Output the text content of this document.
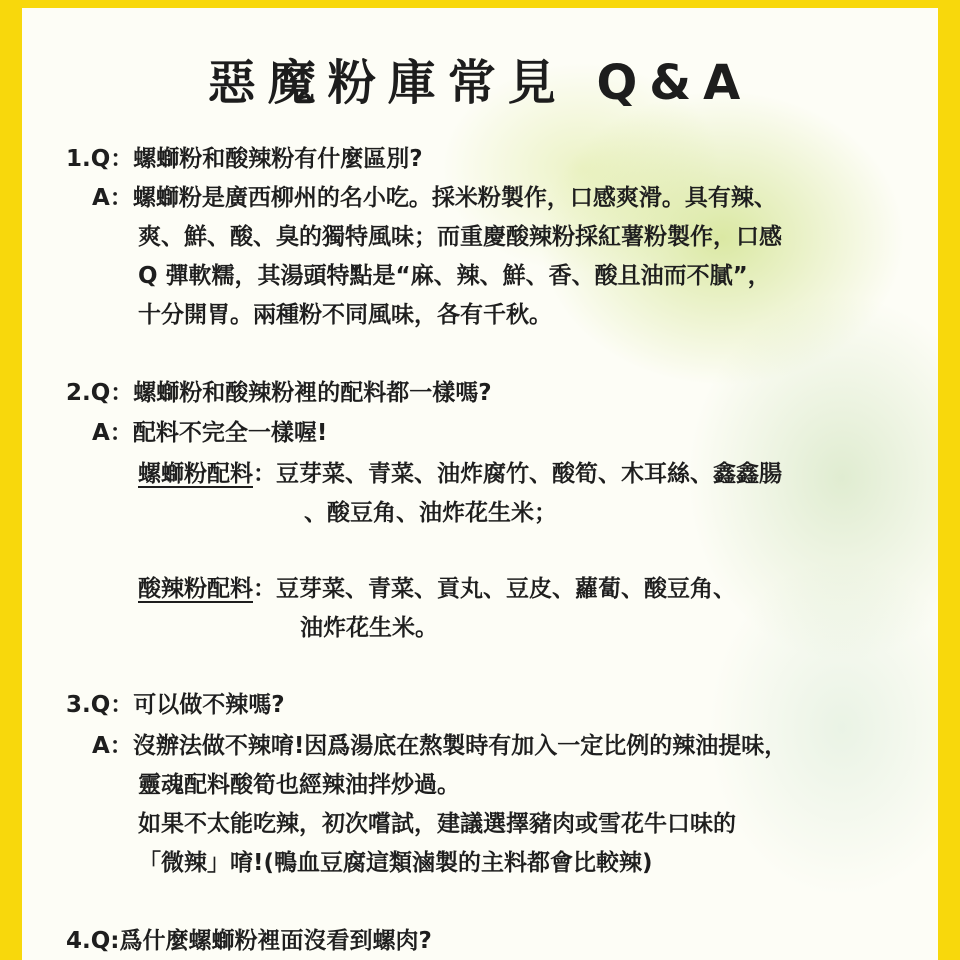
惡魔粉庫常見 Q&A
1.Q：螺螄粉和酸辣粉有什麼區別?
A：螺螄粉是廣西柳州的名小吃。採米粉製作，口感爽滑。具有辣、
爽、鮮、酸、臭的獨特風味；而重慶酸辣粉採紅薯粉製作，口感
Q 彈軟糯，其湯頭特點是“麻、辣、鮮、香、酸且油而不膩”，
十分開胃。兩種粉不同風味，各有千秋。
2.Q：螺螄粉和酸辣粉裡的配料都一樣嗎?
A：配料不完全一樣喔!
螺螄粉配料：豆芽菜、青菜、油炸腐竹、酸筍、木耳絲、鑫鑫腸
、酸豆角、油炸花生米；
酸辣粉配料：豆芽菜、青菜、貢丸、豆皮、蘿蔔、酸豆角、
油炸花生米。
3.Q：可以做不辣嗎?
A：沒辦法做不辣唷!因爲湯底在熬製時有加入一定比例的辣油提味，
靈魂配料酸筍也經辣油拌炒過。
如果不太能吃辣，初次嚐試，建議選擇豬肉或雪花牛口味的
「微辣」唷!(鴨血豆腐這類滷製的主料都會比較辣)
4.Q:爲什麼螺螄粉裡面沒看到螺肉?
